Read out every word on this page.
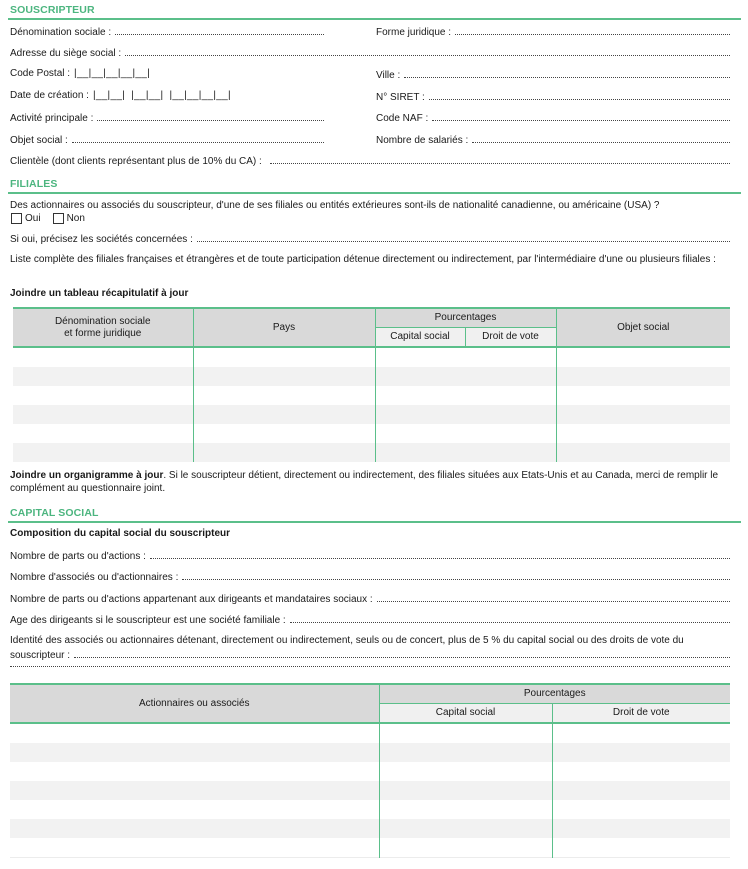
SOUSCRIPTEUR
Dénomination sociale :	Forme juridique :
Adresse du siège social :
Code Postal : |__|__|__|__|__|	Ville :
Date de création : |__|__|  |__|__|  |__|__|__|__|	N° SIRET :
Activité principale :	Code NAF :
Objet social :	Nombre de salariés :
Clientèle (dont clients représentant plus de 10% du CA) :
FILIALES
Des actionnaires ou associés du souscripteur, d'une de ses filiales ou entités extérieures sont-ils de nationalité canadienne, ou américaine (USA) ?
Oui	Non
Si oui, précisez les sociétés concernées :
Liste complète des filiales françaises et étrangères et de toute participation détenue directement ou indirectement, par l'intermédiaire d'une ou plusieurs filiales :
Joindre un tableau récapitulatif à jour
Dénomination sociale
et forme juridique	Pays	Pourcentages		Objet social
		Capital social	Droit de vote	

Joindre un organigramme à jour. Si le souscripteur détient, directement ou indirectement, des filiales situées aux Etats-Unis et au Canada, merci de remplir le complément au questionnaire joint.
CAPITAL SOCIAL
Composition du capital social du souscripteur
Nombre de parts ou d'actions :
Nombre d'associés ou d'actionnaires :
Nombre de parts ou d'actions appartenant aux dirigeants et mandataires sociaux :
Age des dirigeants si le souscripteur est une société familiale :
Identité des associés ou actionnaires détenant, directement ou indirectement, seuls ou de concert, plus de 5 % du capital social ou des droits de vote du
souscripteur :
Actionnaires ou associés	Pourcentages	
	Capital social	Droit de vote
